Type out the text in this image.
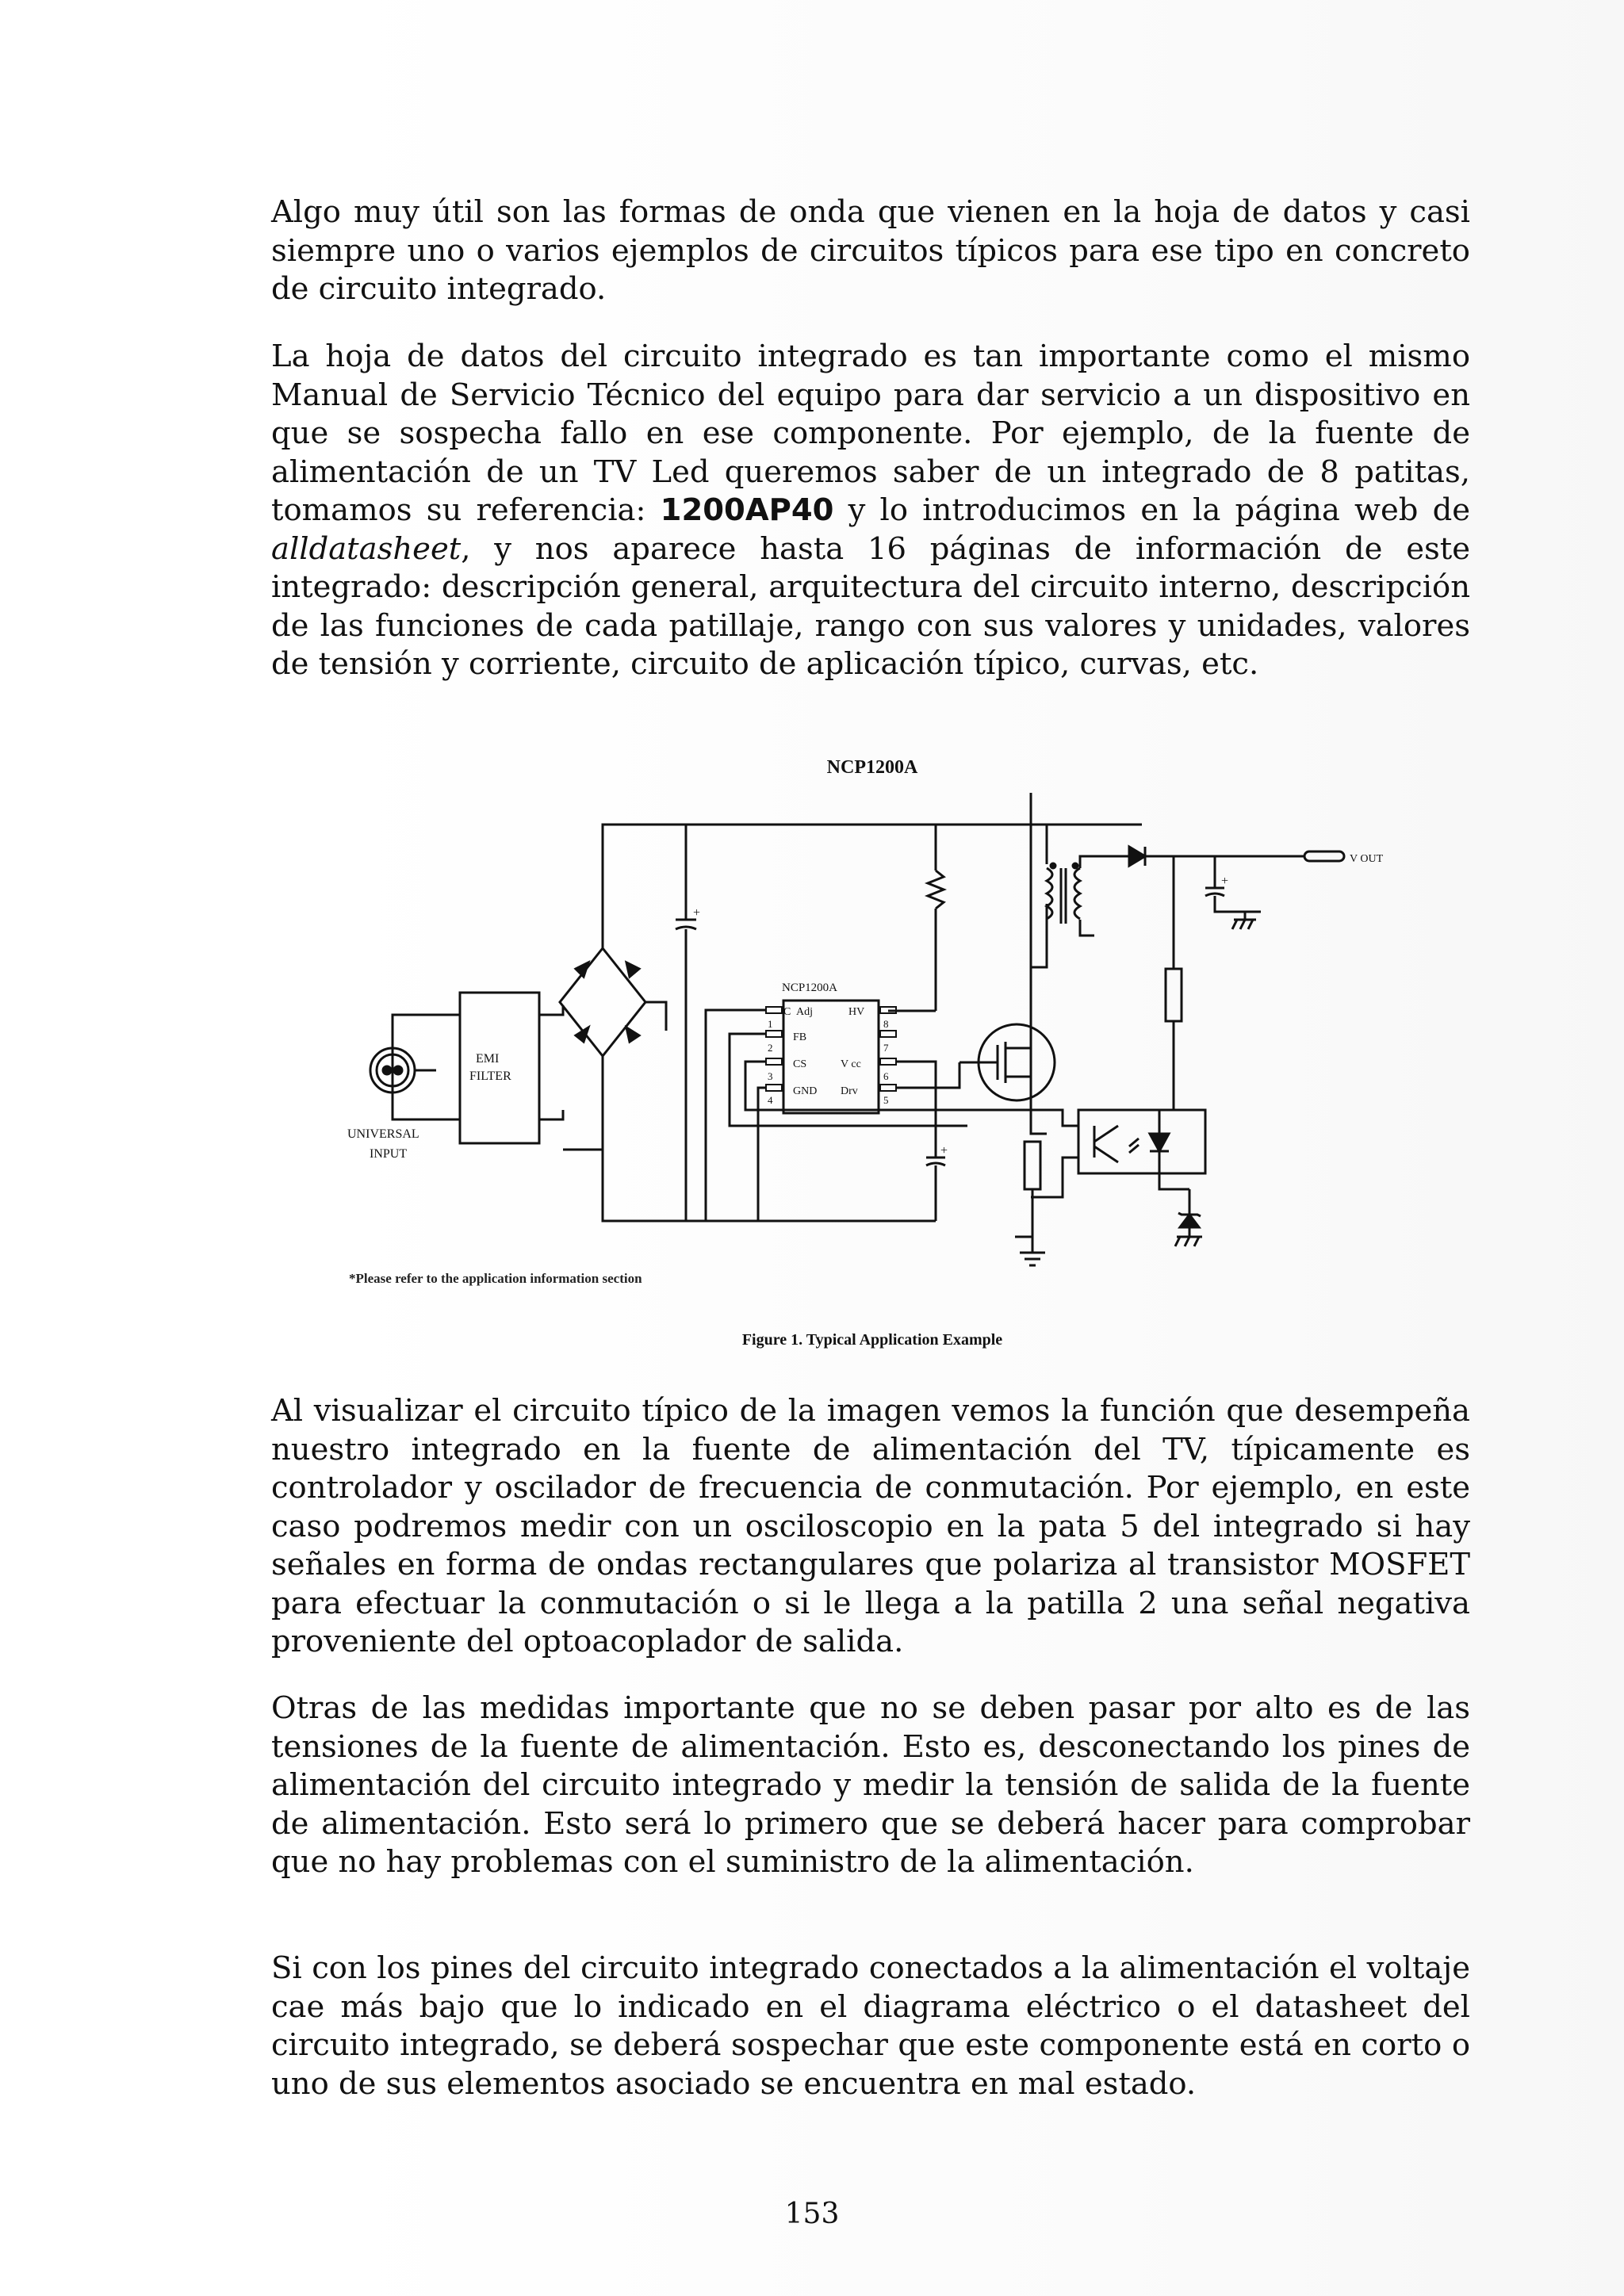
Algo muy útil son las formas de onda que vienen en la hoja de datos y casi siempre uno o varios ejemplos de circuitos típicos para ese tipo en concreto de circuito integrado.

La hoja de datos del circuito integrado es tan importante como el mismo Manual de Servicio Técnico del equipo para dar servicio a un dispositivo en que se sospecha fallo en ese componente. Por ejemplo, de la fuente de alimentación de un TV Led queremos saber de un integrado de 8 patitas, tomamos su referencia: 1200AP40 y lo introducimos en la página web de alldatasheet, y nos aparece hasta 16 páginas de información de este integrado: descripción general, arquitectura del circuito interno, descripción de las funciones de cada patillaje, rango con sus valores y unidades, valores de tensión y corriente, circuito de aplicación típico, curvas, etc.

NCP1200A
EMI
FILTER
UNIVERSAL
INPUT
+
NCP1200A
C Adj
FB
CS
GND
HV
V cc
Drv
1
2
3
4
8
7
6
5
+
+
V OUT
*Please refer to the application information section
Figure 1. Typical Application Example

Al visualizar el circuito típico de la imagen vemos la función que desempeña nuestro integrado en la fuente de alimentación del TV, típicamente es controlador y oscilador de frecuencia de conmutación. Por ejemplo, en este caso podremos medir con un osciloscopio en la pata 5 del integrado si hay señales en forma de ondas rectangulares que polariza al transistor MOSFET para efectuar la conmutación o si le llega a la patilla 2 una señal negativa proveniente del optoacoplador de salida.

Otras de las medidas importante que no se deben pasar por alto es de las tensiones de la fuente de alimentación. Esto es, desconectando los pines de alimentación del circuito integrado y medir la tensión de salida de la fuente de alimentación. Esto será lo primero que se deberá hacer para comprobar que no hay problemas con el suministro de la alimentación.

Si con los pines del circuito integrado conectados a la alimentación el voltaje cae más bajo que lo indicado en el diagrama eléctrico o el datasheet del circuito integrado, se deberá sospechar que este componente está en corto o uno de sus elementos asociado se encuentra en mal estado.

153
